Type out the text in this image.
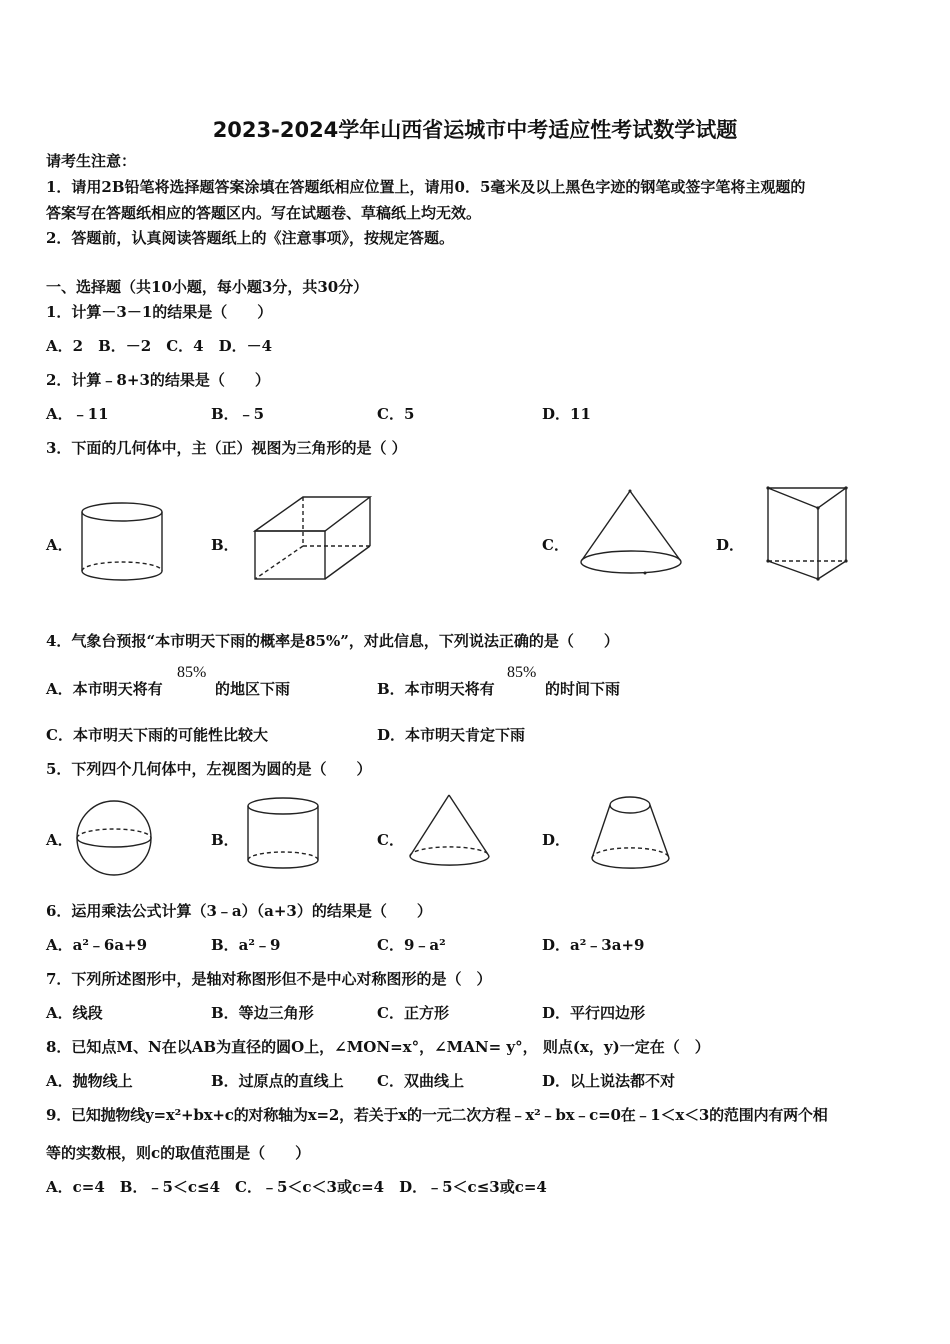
2023-2024学年山西省运城市中考适应性考试数学试题
请考生注意：
1．请用2B铅笔将选择题答案涂填在答题纸相应位置上，请用0．5毫米及以上黑色字迹的钢笔或签字笔将主观题的
答案写在答题纸相应的答题区内。写在试题卷、草稿纸上均无效。
2．答题前，认真阅读答题纸上的《注意事项》，按规定答题。
一、选择题（共10小题，每小题3分，共30分）
1．计算－3－1的结果是（　　）
A．2　B．－2　C．4　D．－4
2．计算﹣8+3的结果是（　　）
A．﹣11	B．﹣5	C．5	D．11
3．下面的几何体中，主（正）视图为三角形的是（ ）
A．	B．	C．	D．
4．气象台预报“本市明天下雨的概率是85%”，对此信息，下列说法正确的是（　　）
A．本市明天将有
85%
的地区下雨	B．本市明天将有
85%
的时间下雨
C．本市明天下雨的可能性比较大	D．本市明天肯定下雨
5．下列四个几何体中，左视图为圆的是（　　）
A．	B．	C．	D．
6．运用乘法公式计算（3﹣a）（a+3）的结果是（　　）
A．a²﹣6a+9	B．a²﹣9	C．9﹣a²	D．a²﹣3a+9
7．下列所述图形中，是轴对称图形但不是中心对称图形的是（　）
A．线段	B．等边三角形	C．正方形	D．平行四边形
8．已知点M、N在以AB为直径的圆O上，∠MON=x°，∠MAN= y°， 则点(x，y)一定在（　）
A．抛物线上	B．过原点的直线上 C．双曲线上	D．以上说法都不对
9．已知抛物线y=x²+bx+c的对称轴为x=2，若关于x的一元二次方程﹣x²﹣bx﹣c=0在﹣1＜x＜3的范围内有两个相
等的实数根，则c的取值范围是（　　）
A．c=4　B．﹣5＜c≤4　C．﹣5＜c＜3或c=4　D．﹣5＜c≤3或c=4
